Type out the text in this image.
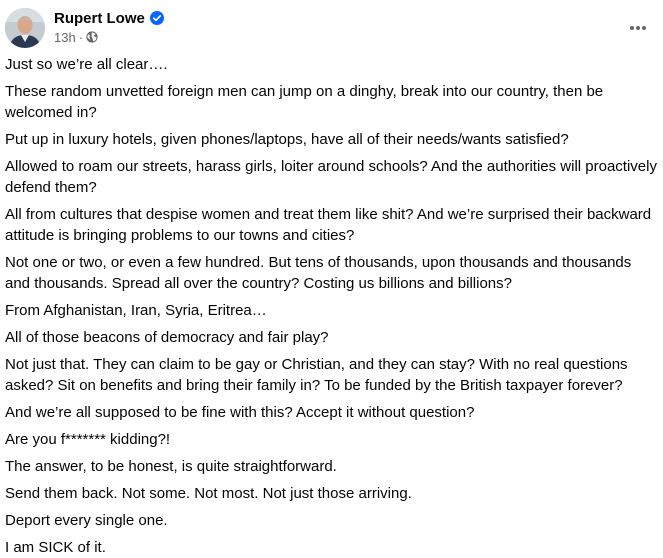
Rupert Lowe
13h ·

Just so we’re all clear….

These random unvetted foreign men can jump on a dinghy, break into our country, then be welcomed in?

Put up in luxury hotels, given phones/laptops, have all of their needs/wants satisfied?

Allowed to roam our streets, harass girls, loiter around schools? And the authorities will proactively defend them?

All from cultures that despise women and treat them like shit? And we’re surprised their backward attitude is bringing problems to our towns and cities?

Not one or two, or even a few hundred. But tens of thousands, upon thousands and thousands and thousands. Spread all over the country? Costing us billions and billions?

From Afghanistan, Iran, Syria, Eritrea…

All of those beacons of democracy and fair play?

Not just that. They can claim to be gay or Christian, and they can stay? With no real questions asked? Sit on benefits and bring their family in? To be funded by the British taxpayer forever?

And we’re all supposed to be fine with this? Accept it without question?

Are you f******* kidding?!

The answer, to be honest, is quite straightforward.

Send them back. Not some. Not most. Not just those arriving.

Deport every single one.

I am SICK of it.
